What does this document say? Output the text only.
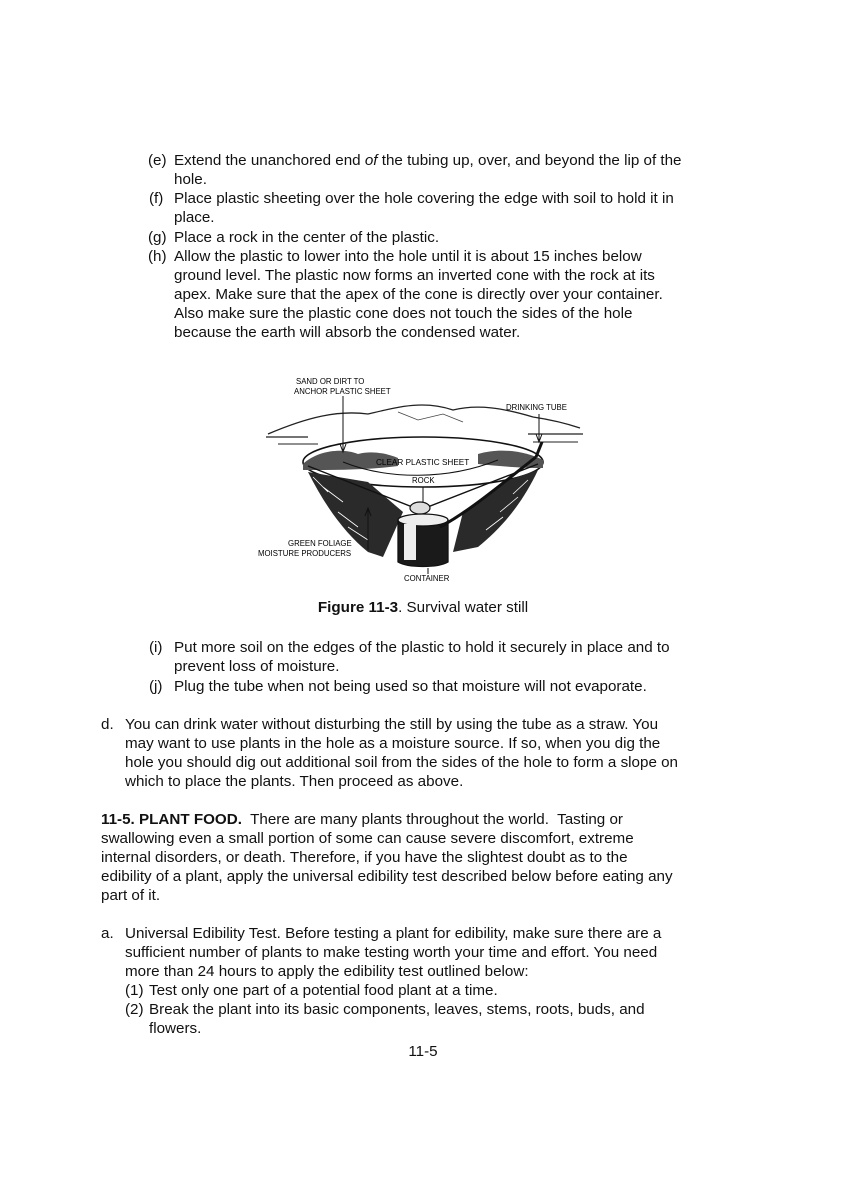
(e) Extend the unanchored end of the tubing up, over, and beyond the lip of the
hole.
(f) Place plastic sheeting over the hole covering the edge with soil to hold it in
place.
(g) Place a rock in the center of the plastic.
(h) Allow the plastic to lower into the hole until it is about 15 inches below
ground level. The plastic now forms an inverted cone with the rock at its
apex. Make sure that the apex of the cone is directly over your container.
Also make sure the plastic cone does not touch the sides of the hole
because the earth will absorb the condensed water.
SAND OR DIRT TO
ANCHOR PLASTIC SHEET
DRINKING TUBE
CLEAR PLASTIC SHEET
ROCK
GREEN FOLIAGE
MOISTURE PRODUCERS
CONTAINER
Figure 11-3. Survival water still
(i) Put more soil on the edges of the plastic to hold it securely in place and to
prevent loss of moisture.
(j) Plug the tube when not being used so that moisture will not evaporate.
d. You can drink water without disturbing the still by using the tube as a straw. You
may want to use plants in the hole as a moisture source. If so, when you dig the
hole you should dig out additional soil from the sides of the hole to form a slope on
which to place the plants. Then proceed as above.
11-5. PLANT FOOD.  There are many plants throughout the world.  Tasting or
swallowing even a small portion of some can cause severe discomfort, extreme
internal disorders, or death. Therefore, if you have the slightest doubt as to the
edibility of a plant, apply the universal edibility test described below before eating any
part of it.
a. Universal Edibility Test. Before testing a plant for edibility, make sure there are a
sufficient number of plants to make testing worth your time and effort. You need
more than 24 hours to apply the edibility test outlined below:
(1) Test only one part of a potential food plant at a time.
(2) Break the plant into its basic components, leaves, stems, roots, buds, and
flowers.
11-5
